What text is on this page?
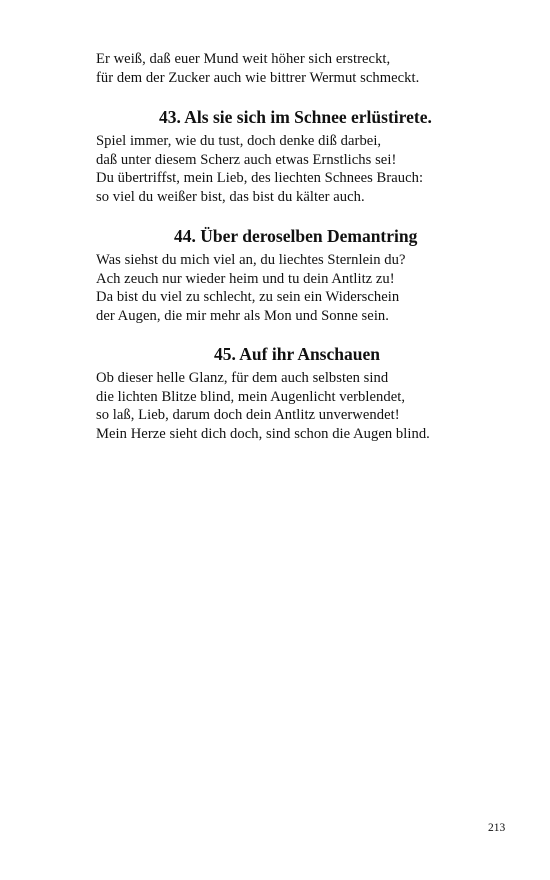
Er weiß, daß euer Mund weit höher sich erstreckt,
für dem der Zucker auch wie bittrer Wermut schmeckt.
43. Als sie sich im Schnee erlüstirete.
Spiel immer, wie du tust, doch denke diß darbei,
daß unter diesem Scherz auch etwas Ernstlichs sei!
Du übertriffst, mein Lieb, des liechten Schnees Brauch:
so viel du weißer bist, das bist du kälter auch.
44. Über deroselben Demantring
Was siehst du mich viel an, du liechtes Sternlein du?
Ach zeuch nur wieder heim und tu dein Antlitz zu!
Da bist du viel zu schlecht, zu sein ein Widerschein
der Augen, die mir mehr als Mon und Sonne sein.
45. Auf ihr Anschauen
Ob dieser helle Glanz, für dem auch selbsten sind
die lichten Blitze blind, mein Augenlicht verblendet,
so laß, Lieb, darum doch dein Antlitz unverwendet!
Mein Herze sieht dich doch, sind schon die Augen blind.
213
